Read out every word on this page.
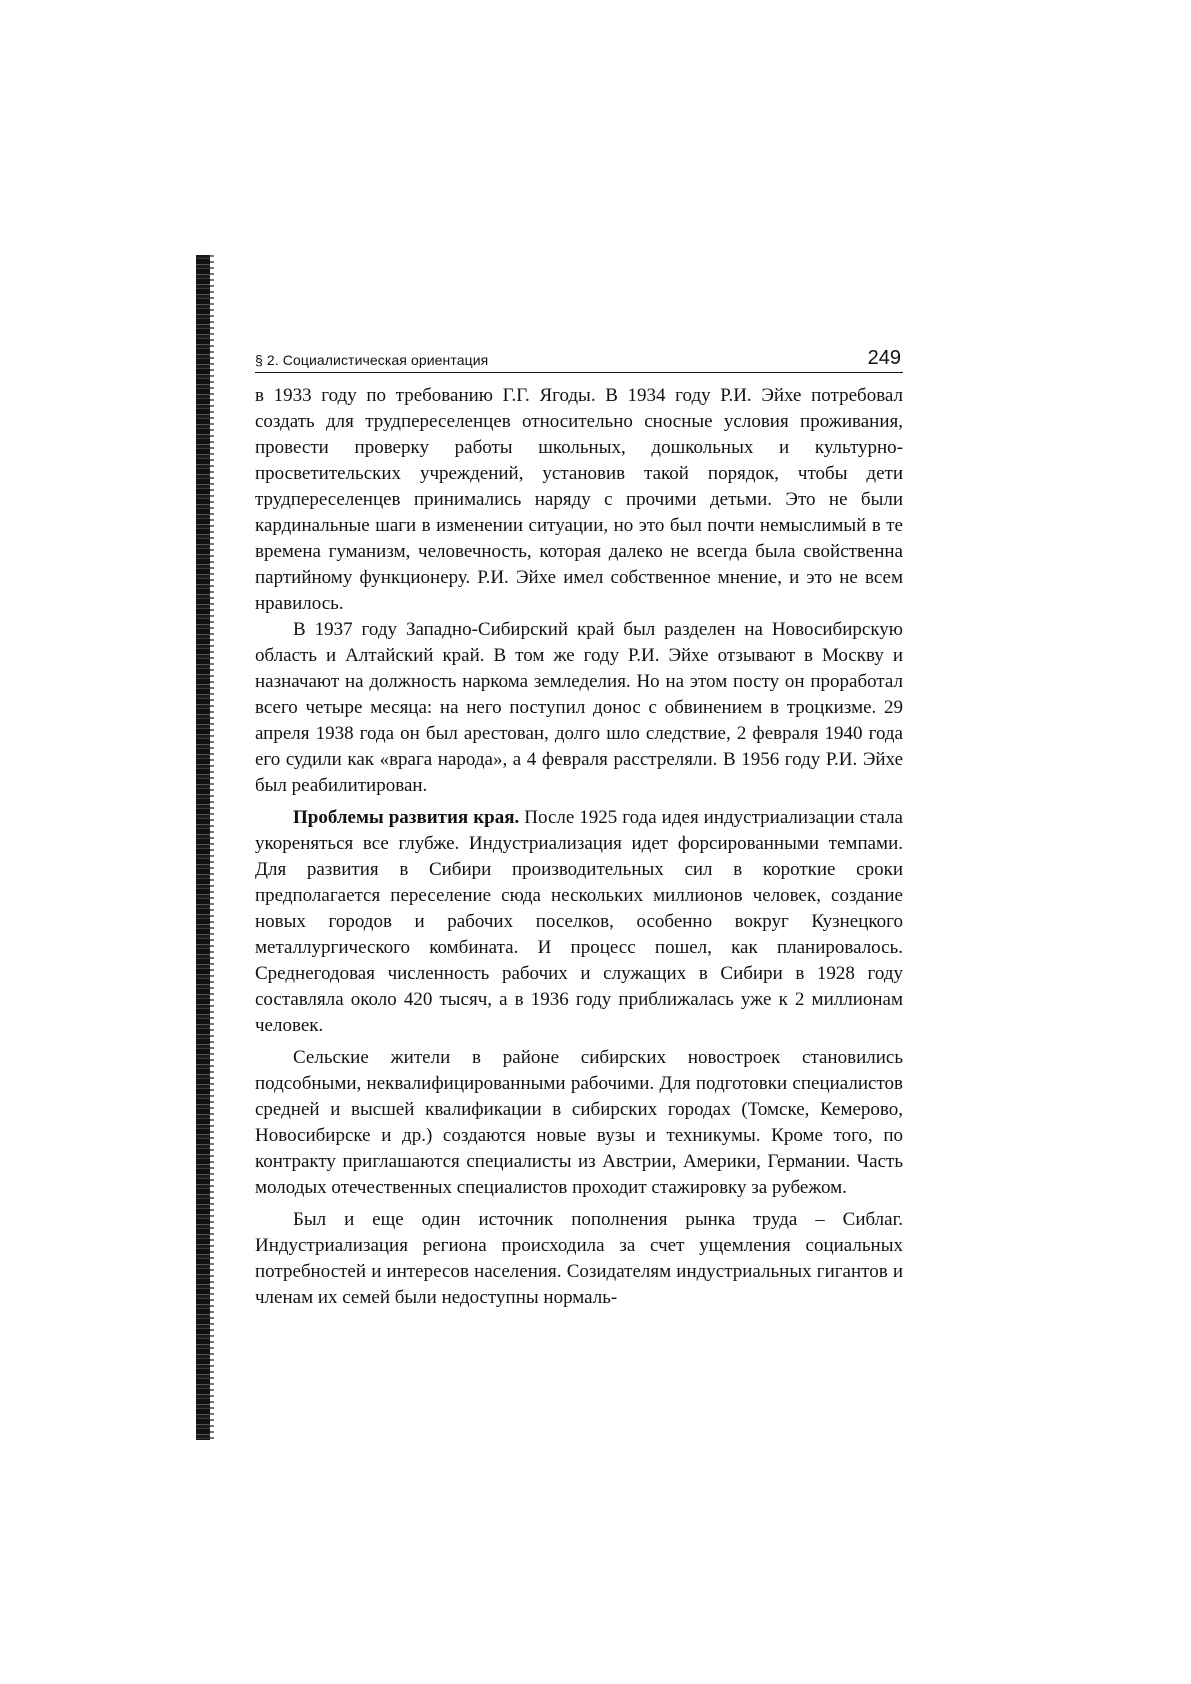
§ 2. Социалистическая ориентация	249

в 1933 году по требованию Г.Г. Ягоды. В 1934 году Р.И. Эйхе потребовал создать для трудпереселенцев относительно сносные условия проживания, провести проверку работы школьных, дошкольных и культурно-просветительских учреждений, установив такой порядок, чтобы дети трудпереселенцев принимались наряду с прочими детьми. Это не были кардинальные шаги в изменении ситуации, но это был почти немыслимый в те времена гуманизм, человечность, которая далеко не всегда была свойственна партийному функционеру. Р.И. Эйхе имел собственное мнение, и это не всем нравилось.

В 1937 году Западно-Сибирский край был разделен на Новосибирскую область и Алтайский край. В том же году Р.И. Эйхе отзывают в Москву и назначают на должность наркома земледелия. Но на этом посту он проработал всего четыре месяца: на него поступил донос с обвинением в троцкизме. 29 апреля 1938 года он был арестован, долго шло следствие, 2 февраля 1940 года его судили как «врага народа», а 4 февраля расстреляли. В 1956 году Р.И. Эйхе был реабилитирован.

Проблемы развития края. После 1925 года идея индустриализации стала укореняться все глубже. Индустриализация идет форсированными темпами. Для развития в Сибири производительных сил в короткие сроки предполагается переселение сюда нескольких миллионов человек, создание новых городов и рабочих поселков, особенно вокруг Кузнецкого металлургического комбината. И процесс пошел, как планировалось. Среднегодовая численность рабочих и служащих в Сибири в 1928 году составляла около 420 тысяч, а в 1936 году приближалась уже к 2 миллионам человек.

Сельские жители в районе сибирских новостроек становились подсобными, неквалифицированными рабочими. Для подготовки специалистов средней и высшей квалификации в сибирских городах (Томске, Кемерово, Новосибирске и др.) создаются новые вузы и техникумы. Кроме того, по контракту приглашаются специалисты из Австрии, Америки, Германии. Часть молодых отечественных специалистов проходит стажировку за рубежом.

Был и еще один источник пополнения рынка труда – Сиблаг. Индустриализация региона происходила за счет ущемления социальных потребностей и интересов населения. Созидателям индустриальных гигантов и членам их семей были недоступны нормаль-
